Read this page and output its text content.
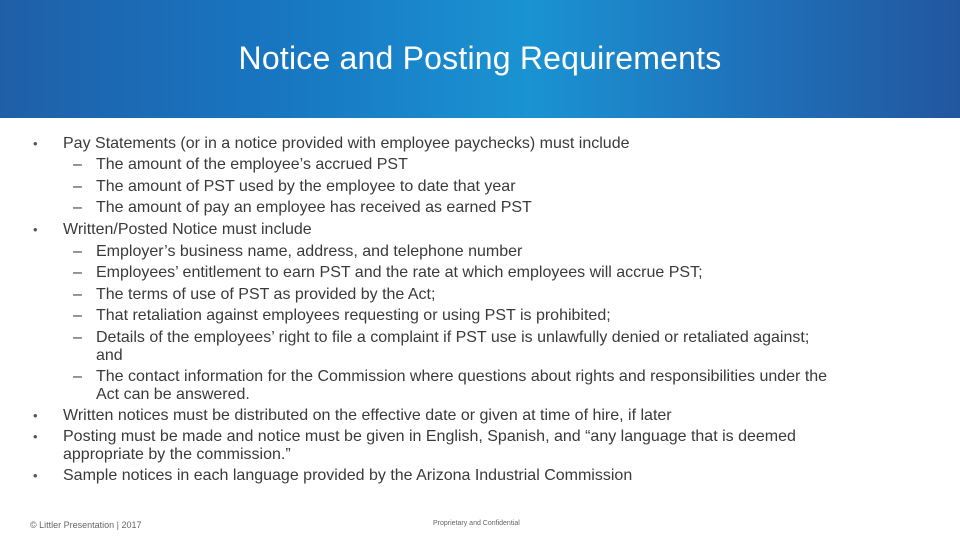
Notice and Posting Requirements
• Pay Statements (or in a notice provided with employee paychecks) must include
– The amount of the employee’s accrued PST
– The amount of PST used by the employee to date that year
– The amount of pay an employee has received as earned PST
• Written/Posted Notice must include
– Employer’s business name, address, and telephone number
– Employees’ entitlement to earn PST and the rate at which employees will accrue PST;
– The terms of use of PST as provided by the Act;
– That retaliation against employees requesting or using PST is prohibited;
– Details of the employees’ right to file a complaint if PST use is unlawfully denied or retaliated against;
and
– The contact information for the Commission where questions about rights and responsibilities under the
Act can be answered.
• Written notices must be distributed on the effective date or given at time of hire, if later
• Posting must be made and notice must be given in English, Spanish, and “any language that is deemed
appropriate by the commission.”
• Sample notices in each language provided by the Arizona Industrial Commission
© Littler Presentation | 2017	Proprietary and Confidential
